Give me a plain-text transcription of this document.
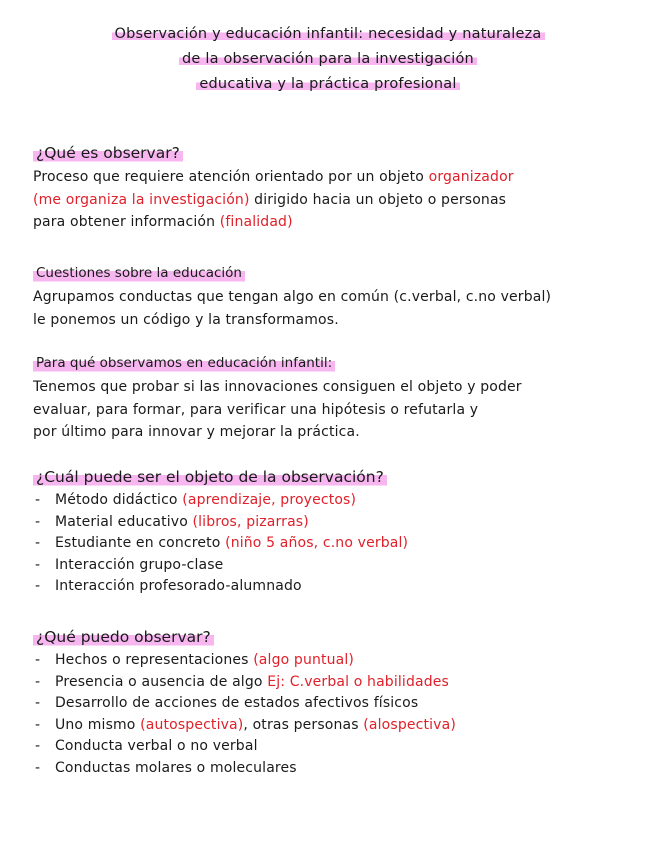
Observación y educación infantil: necesidad y naturaleza
de la observación para la investigación
educativa y la práctica profesional
¿Qué es observar?

Proceso que requiere atención orientado por un objeto organizador

(me organiza la investigación) dirigido hacia un objeto o personas

para obtener información (finalidad)

Cuestiones sobre la educación

Agrupamos conductas que tengan algo en común (c.verbal, c.no verbal)

le ponemos un código y la transformamos.

Para qué observamos en educación infantil:

Tenemos que probar si las innovaciones consiguen el objeto y poder

evaluar, para formar, para verificar una hipótesis o refutarla y

por último para innovar y mejorar la práctica.

¿Cuál puede ser el objeto de la observación?
- Método didáctico (aprendizaje, proyectos)
- Material educativo (libros, pizarras)
- Estudiante en concreto (niño 5 años, c.no verbal)
- Interacción grupo-clase
- Interacción profesorado-alumnado
¿Qué puedo observar?
- Hechos o representaciones (algo puntual)
- Presencia o ausencia de algo Ej: C.verbal o habilidades
- Desarrollo de acciones de estados afectivos físicos
- Uno mismo (autospectiva), otras personas (alospectiva)
- Conducta verbal o no verbal
- Conductas molares o moleculares
